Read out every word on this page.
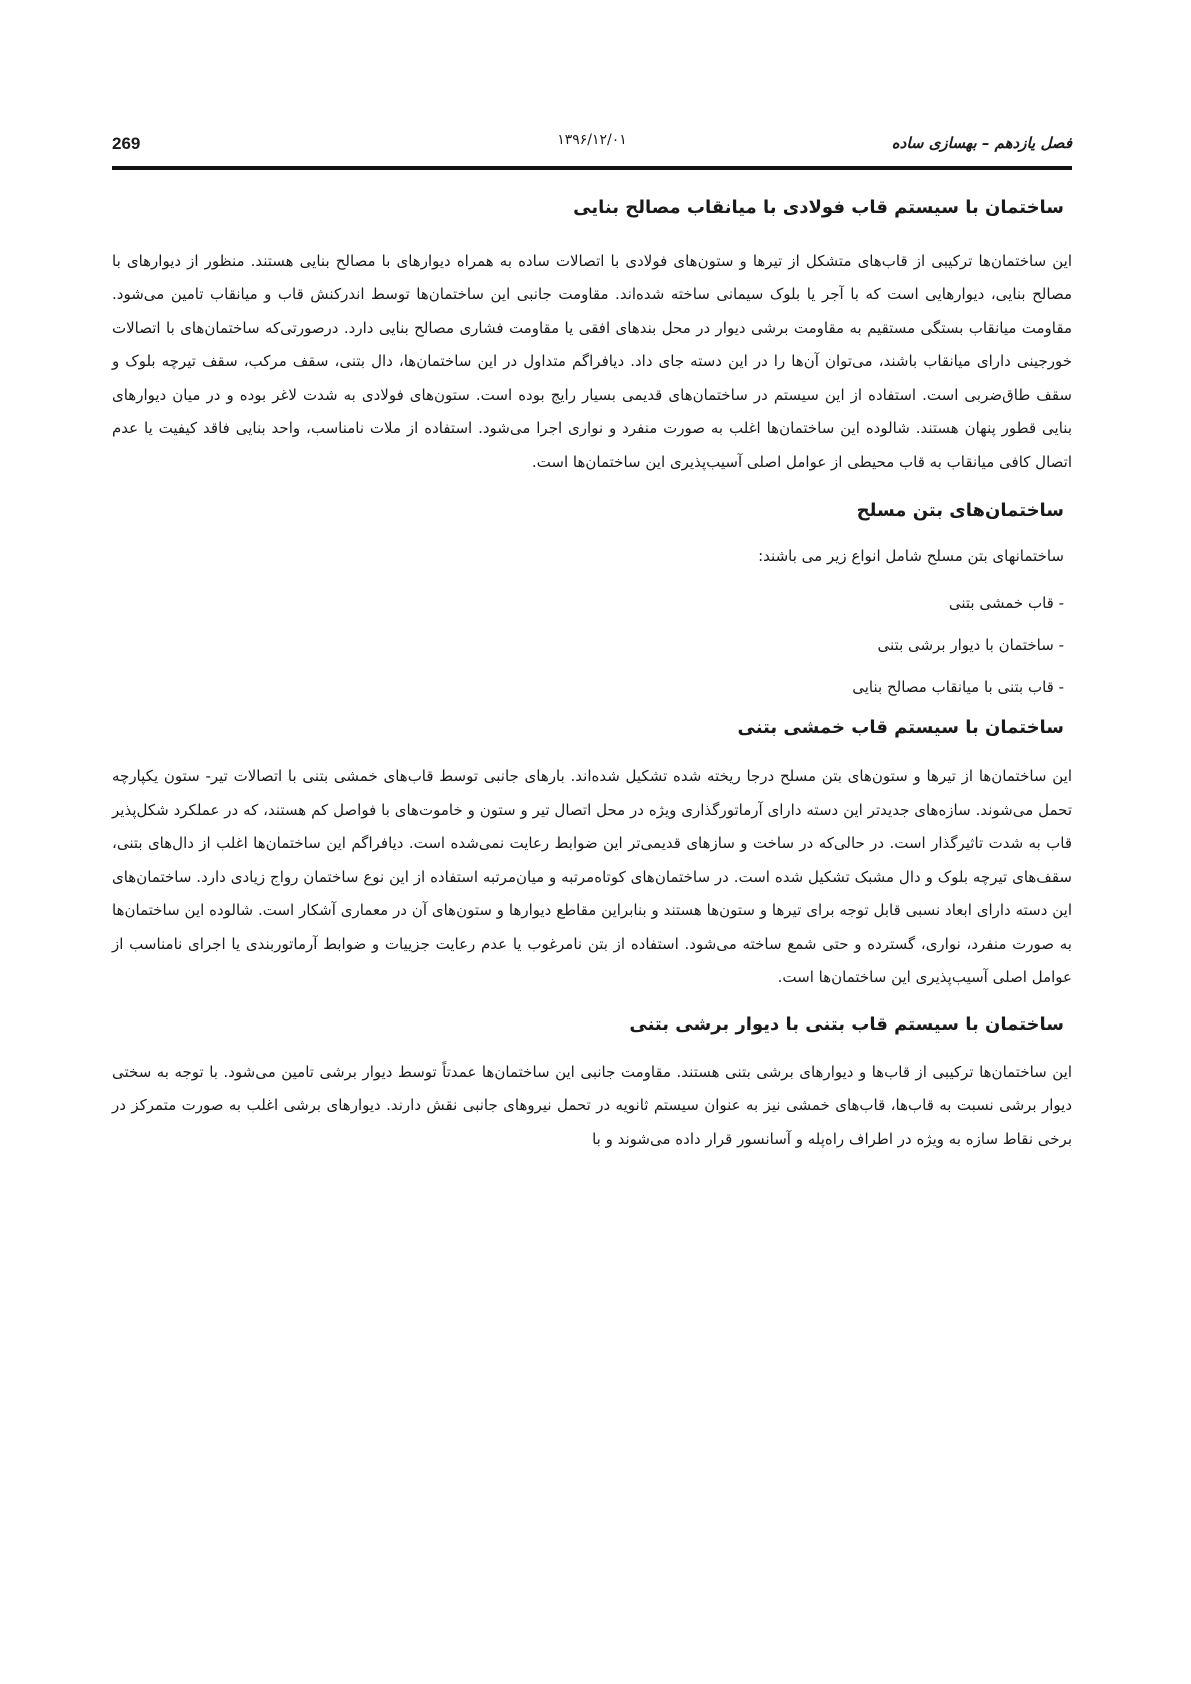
269	۱۳۹۶/۱۲/۰۱	فصل یازدهم – بهسازی ساده
ساختمان با سیستم قاب فولادی با میانقاب مصالح بنایی

این ساختمان‌ها ترکیبی از قاب‌های متشکل از تیرها و ستون‌های فولادی با اتصالات ساده به همراه دیوارهای با مصالح بنایی هستند. منظور از دیوارهای با مصالح بنایی، دیوارهایی است که با آجر یا بلوک سیمانی ساخته شده‌اند. مقاومت جانبی این ساختمان‌ها توسط اندرکنش قاب و میانقاب تامین می‌شود. مقاومت میانقاب بستگی مستقیم به مقاومت برشی دیوار در محل بندهای افقی یا مقاومت فشاری مصالح بنایی دارد. درصورتی‌که ساختمان‌های با اتصالات خورجینی دارای میانقاب باشند، می‌توان آن‌ها را در این دسته جای داد. دیافراگم متداول در این ساختمان‌ها، دال بتنی، سقف مرکب، سقف تیرچه بلوک و سقف طاق‌ضربی است. استفاده از این سیستم در ساختمان‌های قدیمی بسیار رایج بوده است. ستون‌های فولادی به شدت لاغر بوده و در میان دیوارهای بنایی قطور پنهان هستند. شالوده این ساختمان‌ها اغلب به صورت منفرد و نواری اجرا می‌شود. استفاده از ملات نامناسب، واحد بنایی فاقد کیفیت یا عدم اتصال کافی میانقاب به قاب محیطی از عوامل اصلی آسیب‌پذیری این ساختمان‌ها است.

ساختمان‌های بتن مسلح

ساختمانهای بتن مسلح شامل انواع زیر می باشند:

- قاب خمشی بتنی
- ساختمان با دیوار برشی بتنی
- قاب بتنی با میانقاب مصالح بنایی
ساختمان با سیستم قاب خمشی بتنی

این ساختمان‌ها از تیرها و ستون‌های بتن مسلح درجا ریخته شده تشکیل شده‌اند. بارهای جانبی توسط قاب‌های خمشی بتنی با اتصالات تیر- ستون یکپارچه تحمل می‌شوند. سازه‌های جدیدتر این دسته دارای آرماتورگذاری ویژه در محل اتصال تیر و ستون و خاموت‌های با فواصل کم هستند، که در عملکرد شکل‌پذیر قاب به شدت تاثیرگذار است. در حالی‌که در ساخت و سازهای قدیمی‌تر این ضوابط رعایت نمی‌شده است. دیافراگم این ساختمان‌ها اغلب از دال‌های بتنی، سقف‌های تیرچه بلوک و دال مشبک تشکیل شده است. در ساختمان‌های کوتاه‌مرتبه و میان‌مرتبه استفاده از این نوع ساختمان رواج زیادی دارد. ساختمان‌های این دسته دارای ابعاد نسبی قابل توجه برای تیرها و ستون‌ها هستند و بنابراین مقاطع دیوارها و ستون‌های آن در معماری آشکار است. شالوده این ساختمان‌ها به صورت منفرد، نواری، گسترده و حتی شمع ساخته می‌شود. استفاده از بتن نامرغوب یا عدم رعایت جزییات و ضوابط آرماتوربندی یا اجرای نامناسب از عوامل اصلی آسیب‌پذیری این ساختمان‌ها است.

ساختمان با سیستم قاب بتنی با دیوار برشی بتنی

این ساختمان‌ها ترکیبی از قاب‌ها و دیوارهای برشی بتنی هستند. مقاومت جانبی این ساختمان‌ها عمدتاً توسط دیوار برشی تامین می‌شود. با توجه به سختی دیوار برشی نسبت به قاب‌ها، قاب‌های خمشی نیز به عنوان سیستم ثانویه در تحمل نیروهای جانبی نقش دارند. دیوارهای برشی اغلب به صورت متمرکز در برخی نقاط سازه به ویژه در اطراف راه‌پله و آسانسور قرار داده می‌شوند و با
